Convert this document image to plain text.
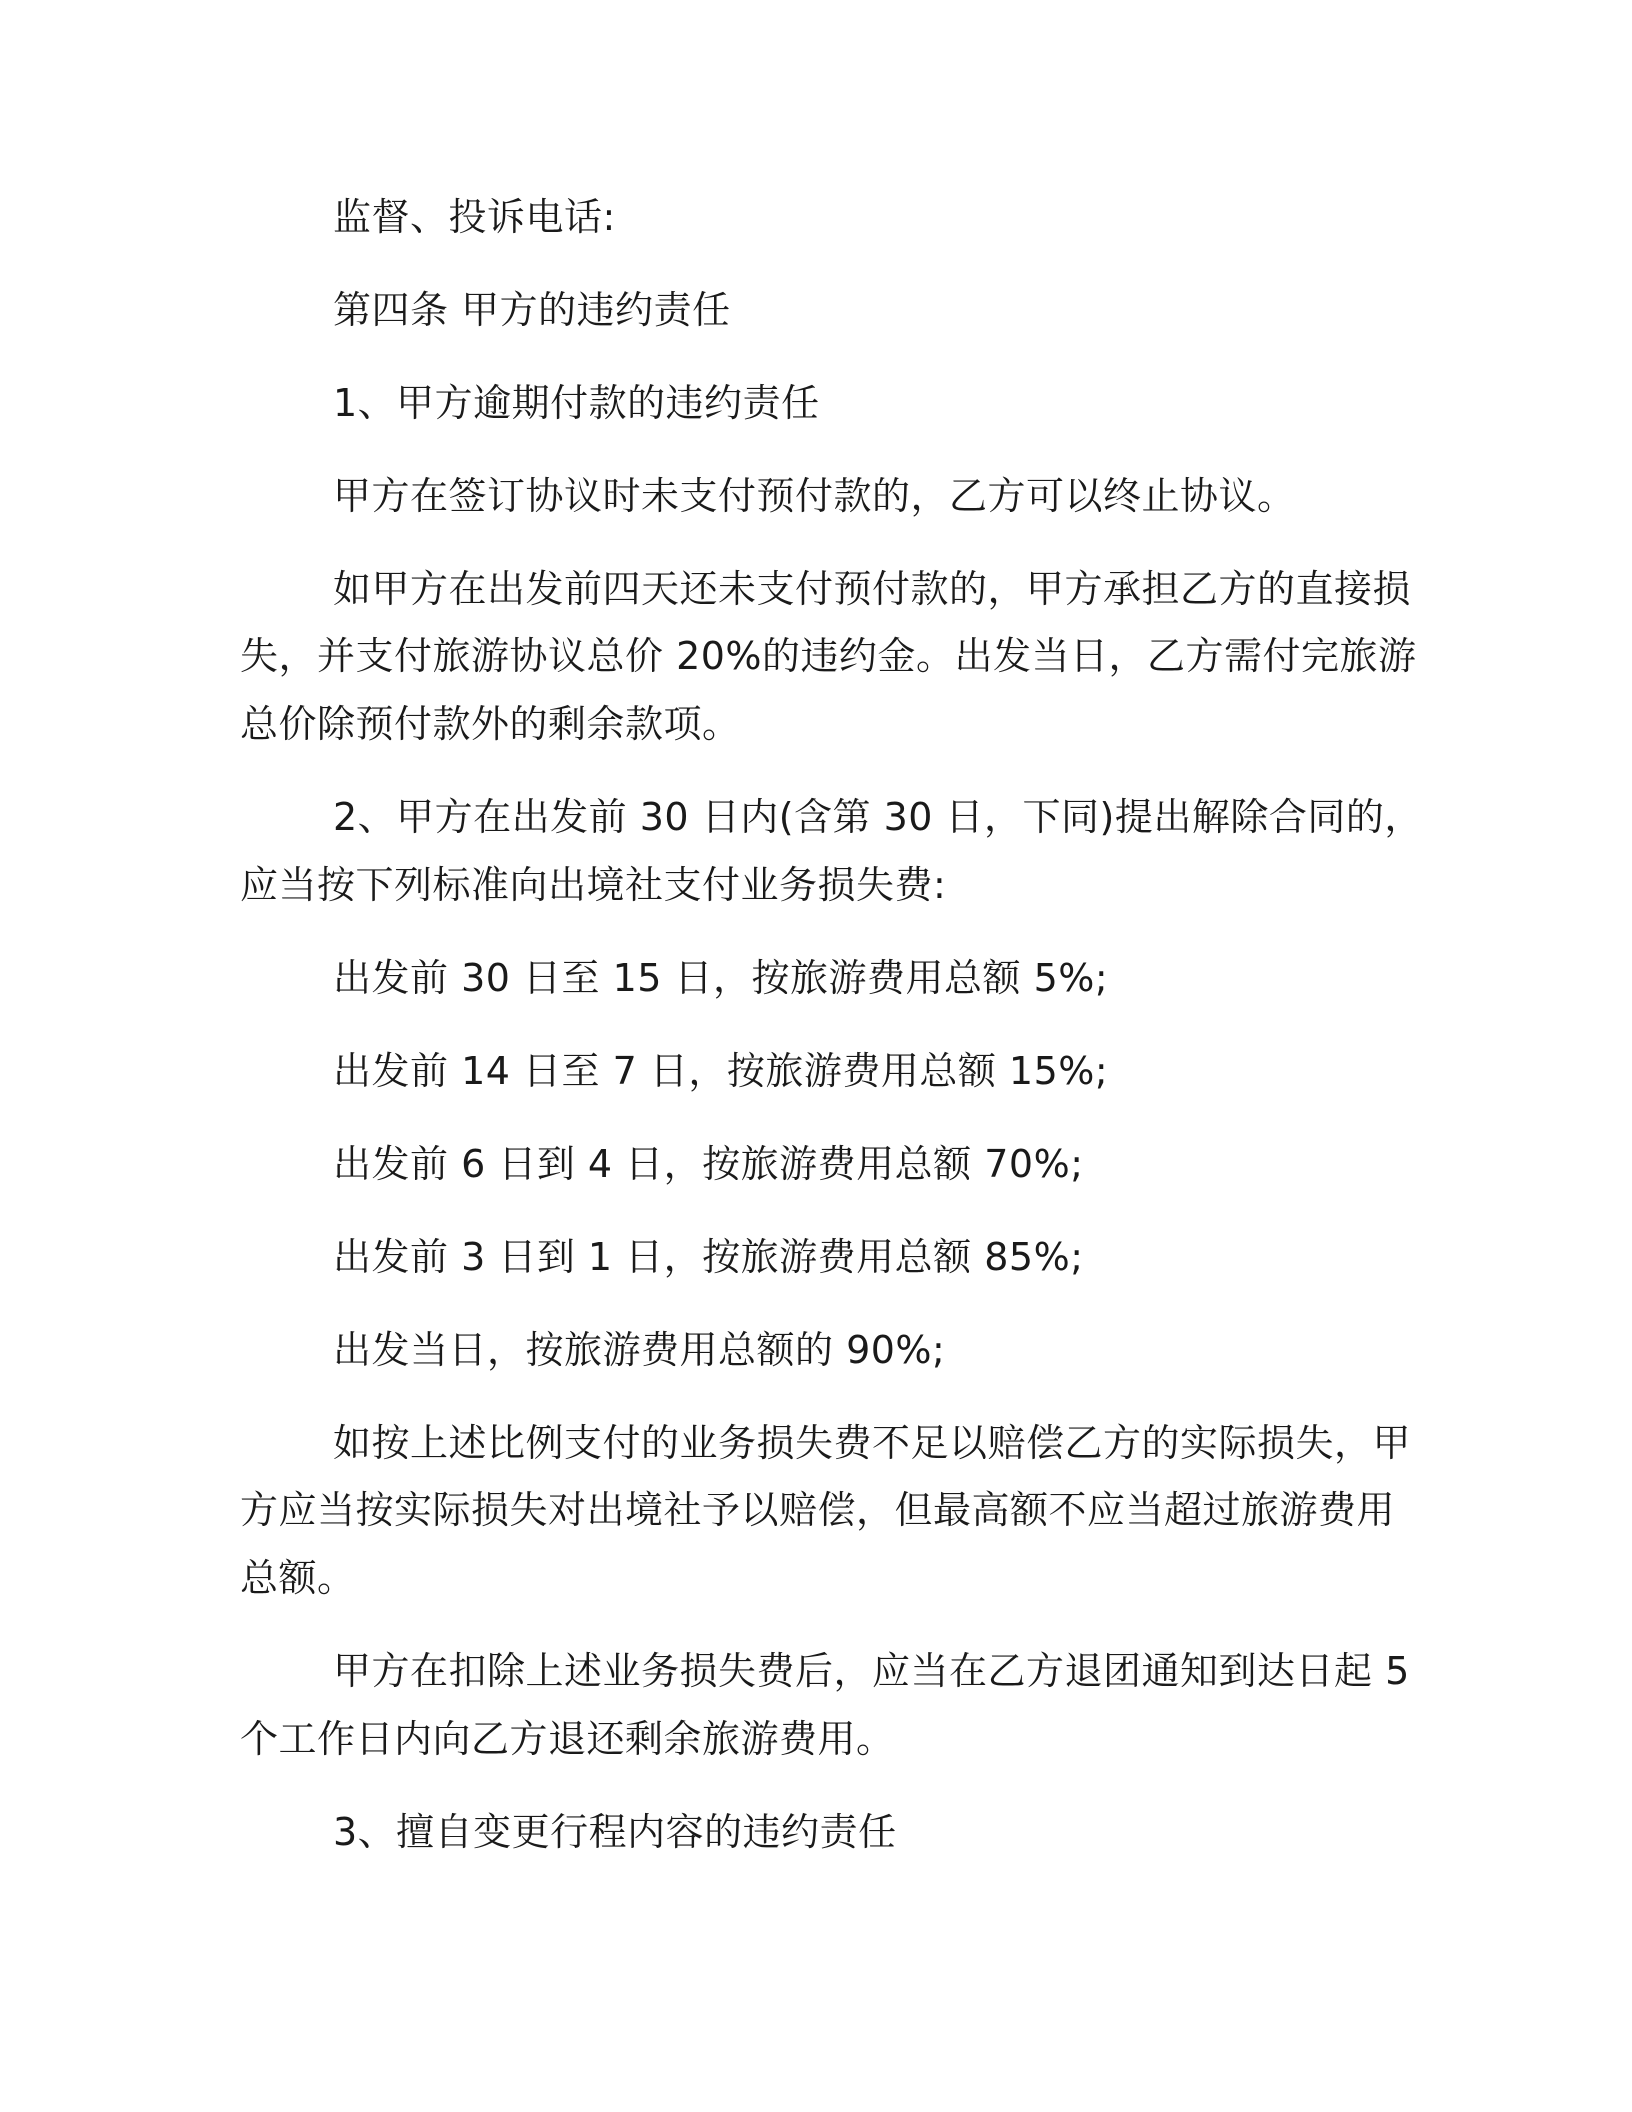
监督、投诉电话:
第四条 甲方的违约责任
1、甲方逾期付款的违约责任
甲方在签订协议时未支付预付款的，乙方可以终止协议。
如甲方在出发前四天还未支付预付款的，甲方承担乙方的直接损
失，并支付旅游协议总价 20%的违约金。出发当日，乙方需付完旅游
总价除预付款外的剩余款项。
2、甲方在出发前 30 日内(含第 30 日，下同)提出解除合同的，
应当按下列标准向出境社支付业务损失费:
出发前 30 日至 15 日，按旅游费用总额 5%;
出发前 14 日至 7 日，按旅游费用总额 15%;
出发前 6 日到 4 日，按旅游费用总额 70%;
出发前 3 日到 1 日，按旅游费用总额 85%;
出发当日，按旅游费用总额的 90%;
如按上述比例支付的业务损失费不足以赔偿乙方的实际损失，甲
方应当按实际损失对出境社予以赔偿，但最高额不应当超过旅游费用
总额。
甲方在扣除上述业务损失费后，应当在乙方退团通知到达日起 5
个工作日内向乙方退还剩余旅游费用。
3、擅自变更行程内容的违约责任
